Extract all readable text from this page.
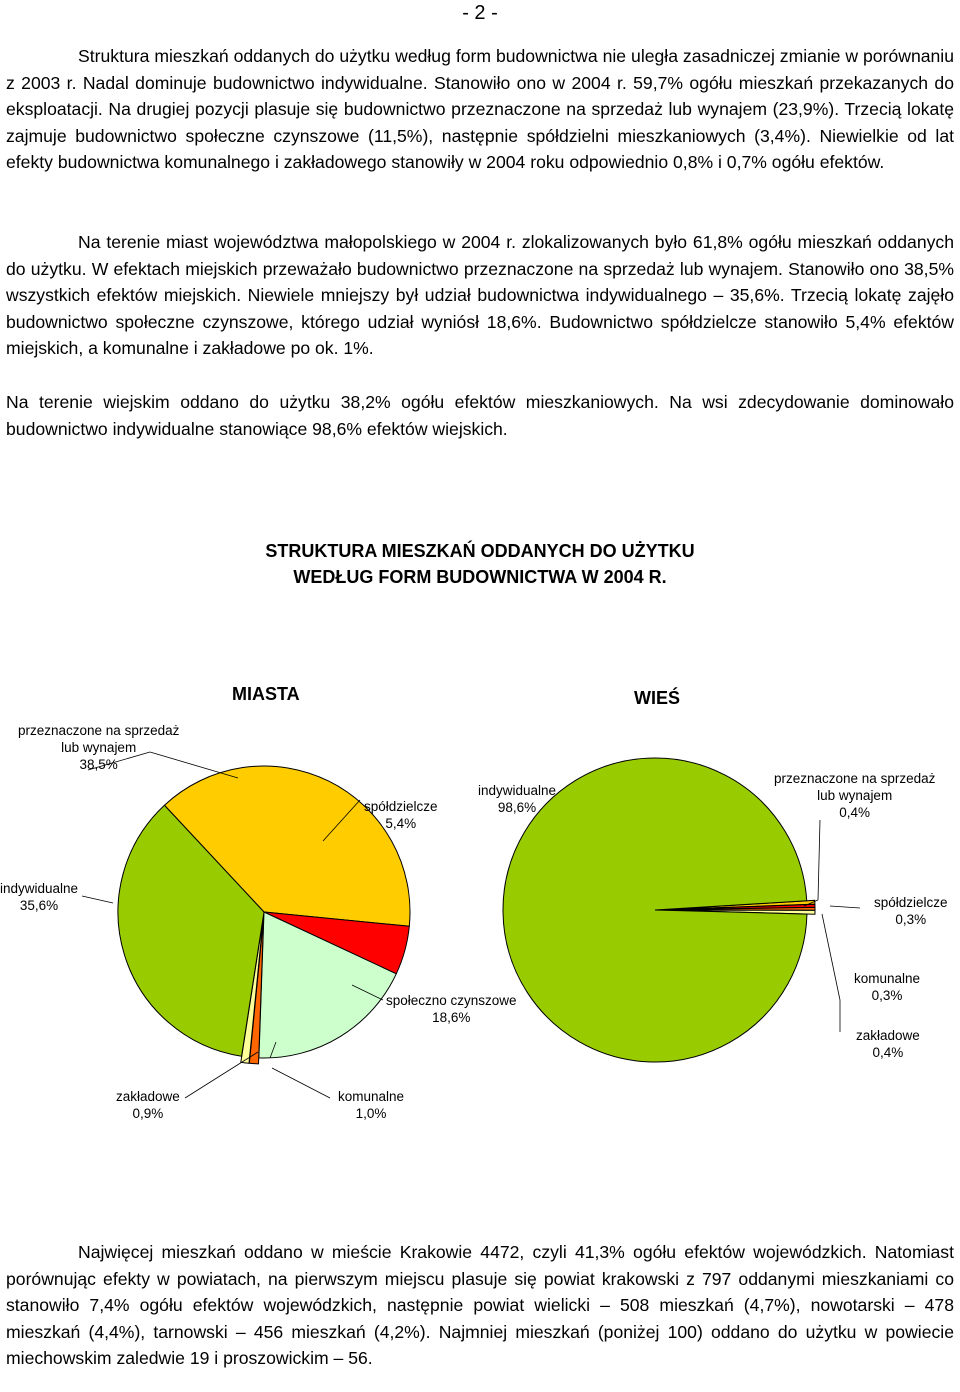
- 2 -

Struktura mieszkań oddanych do użytku według form budownictwa nie uległa zasadniczej zmianie w porównaniu z 2003 r. Nadal dominuje budownictwo indywidualne. Stanowiło ono w 2004 r. 59,7% ogółu mieszkań przekazanych do eksploatacji. Na drugiej pozycji plasuje się budownictwo przeznaczone na sprzedaż lub wynajem (23,9%). Trzecią lokatę zajmuje budownictwo społeczne czynszowe (11,5%), następnie spółdzielni mieszkaniowych (3,4%). Niewielkie od lat efekty budownictwa komunalnego i zakładowego stanowiły w 2004 roku odpowiednio 0,8% i 0,7% ogółu efektów.

Na terenie miast województwa małopolskiego w 2004 r. zlokalizowanych było 61,8% ogółu mieszkań oddanych do użytku. W efektach miejskich przeważało budownictwo przeznaczone na sprzedaż lub wynajem. Stanowiło ono 38,5% wszystkich efektów miejskich. Niewiele mniejszy był udział budownictwa indywidualnego – 35,6%. Trzecią lokatę zajęło budownictwo społeczne czynszowe, którego udział wyniósł 18,6%. Budownictwo spółdzielcze stanowiło 5,4% efektów miejskich, a komunalne i zakładowe po ok. 1%.

Na terenie wiejskim oddano do użytku 38,2% ogółu efektów mieszkaniowych. Na wsi zdecydowanie dominowało budownictwo indywidualne stanowiące 98,6% efektów wiejskich.

STRUKTURA MIESZKAŃ ODDANYCH DO UŻYTKU
WEDŁUG FORM BUDOWNICTWA W 2004 R.
MIASTA	WIEŚ
przeznaczone na sprzedaż
lub wynajem
38,5%
spółdzielcze
5,4%
indywidualne
35,6%
społeczno czynszowe
18,6%
zakładowe
0,9%
komunalne
1,0%
indywidualne
98,6%
przeznaczone na sprzedaż
lub wynajem
0,4%
spółdzielcze
0,3%
komunalne
0,3%
zakładowe
0,4%

Najwięcej mieszkań oddano w mieście Krakowie 4472, czyli 41,3% ogółu efektów wojewódzkich. Natomiast porównując efekty w powiatach, na pierwszym miejscu plasuje się powiat krakowski z 797 oddanymi mieszkaniami co stanowiło 7,4% ogółu efektów wojewódzkich, następnie powiat wielicki – 508 mieszkań (4,7%), nowotarski – 478 mieszkań (4,4%), tarnowski – 456 mieszkań (4,2%). Najmniej mieszkań (poniżej 100) oddano do użytku w powiecie miechowskim zaledwie 19 i proszowickim – 56.
